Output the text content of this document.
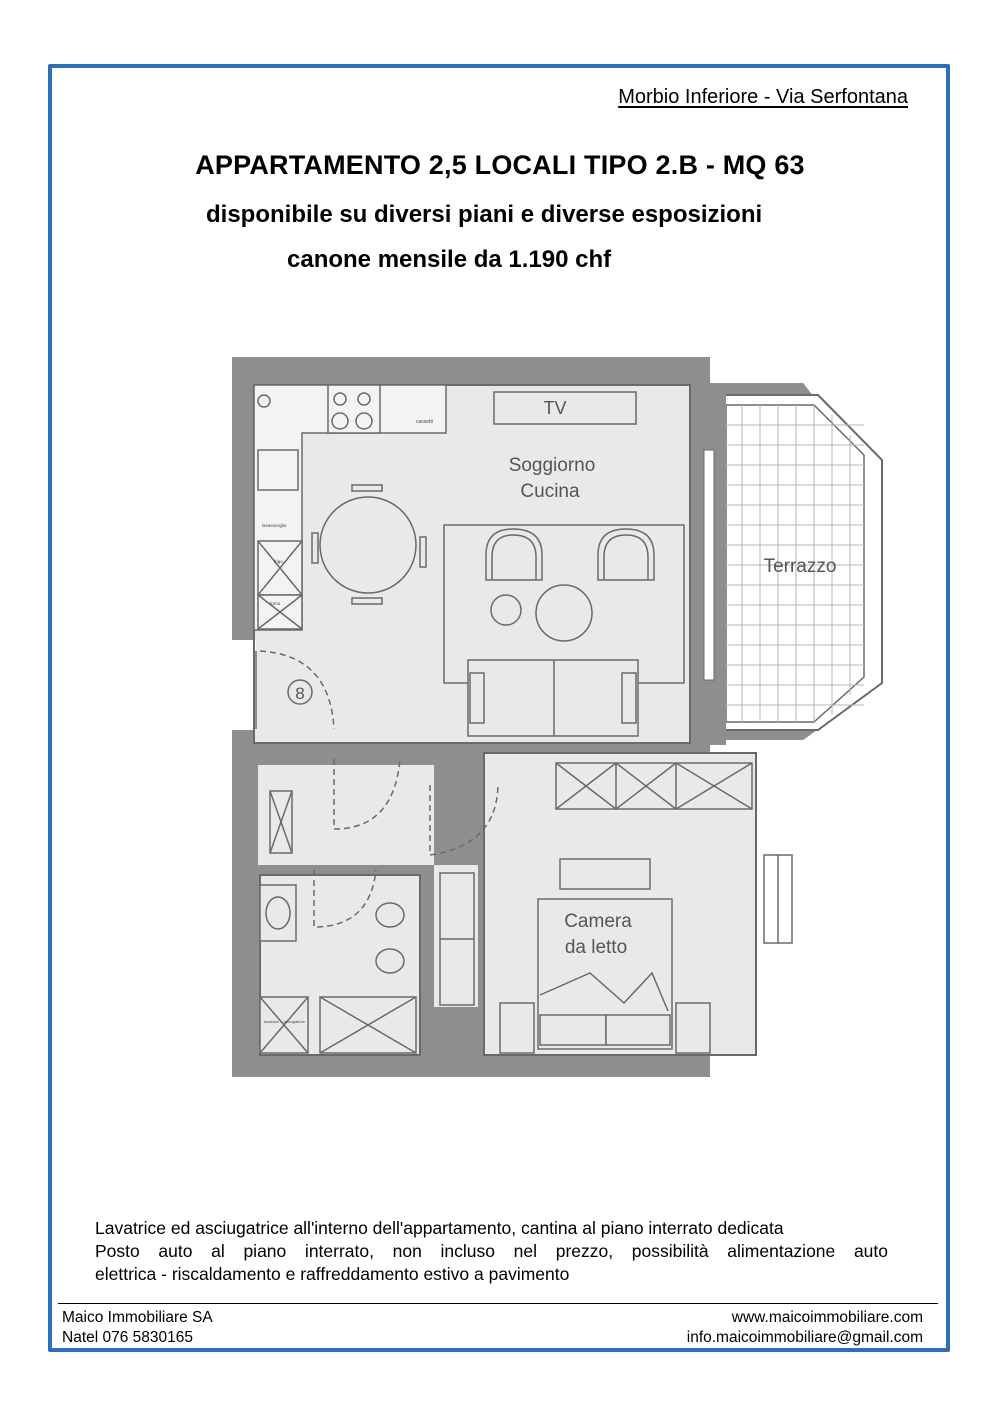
Morbio Inferiore - Via Serfontana
APPARTAMENTO 2,5 LOCALI TIPO 2.B - MQ 63
disponibile su diversi piani e diverse esposizioni
canone mensile da 1.190 chf
Terrazzo
cassetti
lavastoviglie
frigo
forno
TV
Soggiorno
Cucina
8
Camera
da letto
lavatrice + asciugatrice

Lavatrice ed asciugatrice all'interno dell'appartamento, cantina al piano interrato dedicata

Posto auto al piano interrato, non incluso nel prezzo, possibilità alimentazione auto

elettrica - riscaldamento e raffreddamento estivo a pavimento

Maico Immobiliare SA
Natel 076 5830165
www.maicoimmobiliare.com
info.maicoimmobiliare@gmail.com
